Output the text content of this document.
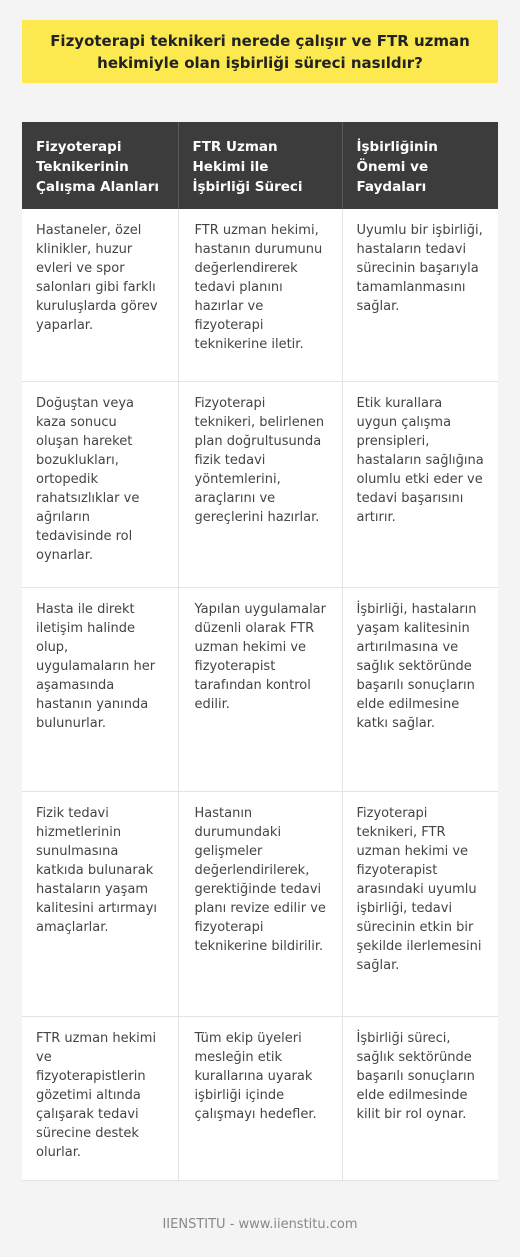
Fizyoterapi teknikeri nerede çalışır ve FTR uzman hekimiyle olan işbirliği süreci nasıldır?
Fizyoterapi Teknikerinin Çalışma Alanları	FTR Uzman Hekimi ile İşbirliği Süreci	İşbirliğinin Önemi ve Faydaları
Hastaneler, özel klinikler, huzur evleri ve spor salonları gibi farklı kuruluşlarda görev yaparlar.	FTR uzman hekimi, hastanın durumunu değerlendirerek tedavi planını hazırlar ve fizyoterapi teknikerine iletir.	Uyumlu bir işbirliği, hastaların tedavi sürecinin başarıyla tamamlanmasını sağlar.
Doğuştan veya kaza sonucu oluşan hareket bozuklukları, ortopedik rahatsızlıklar ve ağrıların tedavisinde rol oynarlar.	Fizyoterapi teknikeri, belirlenen plan doğrultusunda fizik tedavi yöntemlerini, araçlarını ve gereçlerini hazırlar.	Etik kurallara uygun çalışma prensipleri, hastaların sağlığına olumlu etki eder ve tedavi başarısını artırır.
Hasta ile direkt iletişim halinde olup, uygulamaların her aşamasında hastanın yanında bulunurlar.	Yapılan uygulamalar düzenli olarak FTR uzman hekimi ve fizyoterapist tarafından kontrol edilir.	İşbirliği, hastaların yaşam kalitesinin artırılmasına ve sağlık sektöründe başarılı sonuçların elde edilmesine katkı sağlar.
Fizik tedavi hizmetlerinin sunulmasına katkıda bulunarak hastaların yaşam kalitesini artırmayı amaçlarlar.	Hastanın durumundaki gelişmeler değerlendirilerek, gerektiğinde tedavi planı revize edilir ve fizyoterapi teknikerine bildirilir.	Fizyoterapi teknikeri, FTR uzman hekimi ve fizyoterapist arasındaki uyumlu işbirliği, tedavi sürecinin etkin bir şekilde ilerlemesini sağlar.
FTR uzman hekimi ve fizyoterapistlerin gözetimi altında çalışarak tedavi sürecine destek olurlar.	Tüm ekip üyeleri mesleğin etik kurallarına uyarak işbirliği içinde çalışmayı hedefler.	İşbirliği süreci, sağlık sektöründe başarılı sonuçların elde edilmesinde kilit bir rol oynar.
IIENSTITU - www.iienstitu.com
